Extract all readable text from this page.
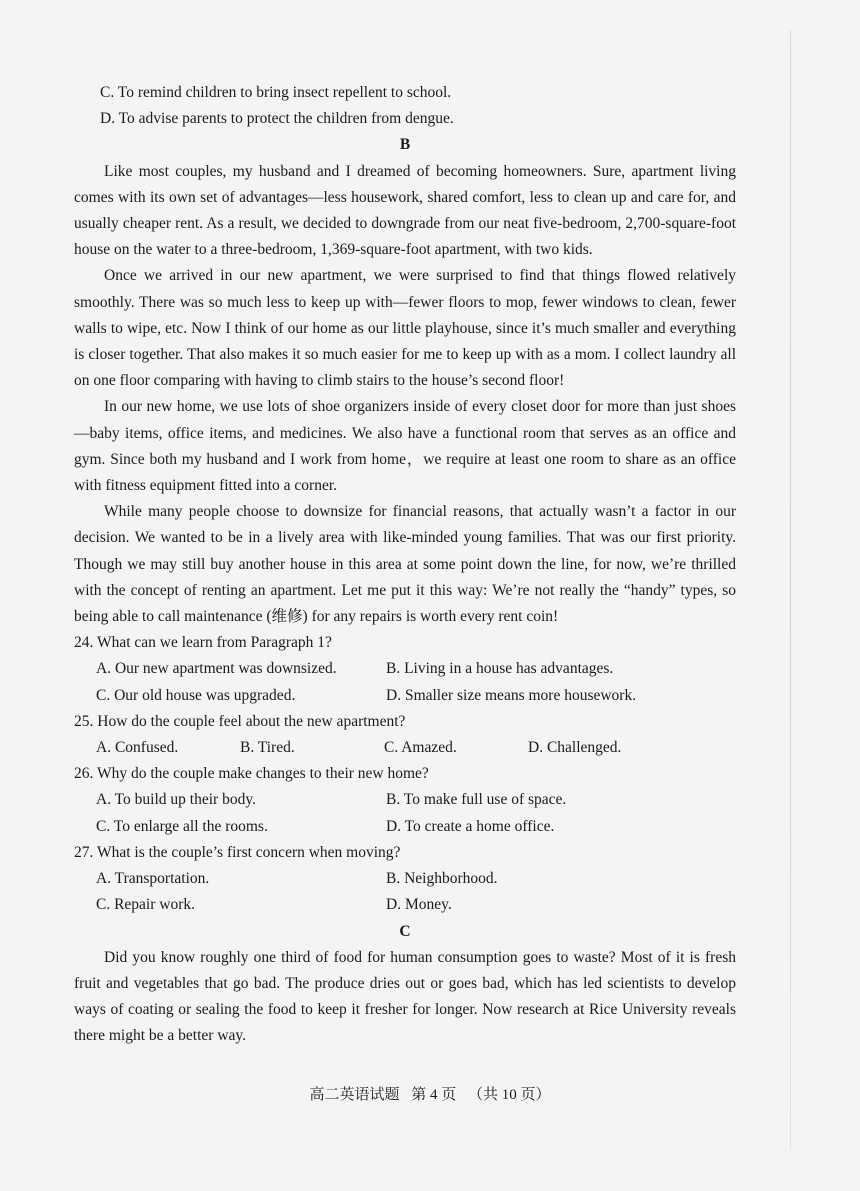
C. To remind children to bring insect repellent to school.

D. To advise parents to protect the children from dengue.

B

Like most couples, my husband and I dreamed of becoming homeowners. Sure, apartment living comes with its own set of advantages—less housework, shared comfort, less to clean up and care for, and usually cheaper rent. As a result, we decided to downgrade from our neat five-bedroom, 2,700-square-foot house on the water to a three-bedroom, 1,369-square-foot apartment, with two kids.

Once we arrived in our new apartment, we were surprised to find that things flowed relatively smoothly. There was so much less to keep up with—fewer floors to mop, fewer windows to clean, fewer walls to wipe, etc. Now I think of our home as our little playhouse, since it’s much smaller and everything is closer together. That also makes it so much easier for me to keep up with as a mom. I collect laundry all on one floor comparing with having to climb stairs to the house’s second floor!

In our new home, we use lots of shoe organizers inside of every closet door for more than just shoes—baby items, office items, and medicines. We also have a functional room that serves as an office and gym. Since both my husband and I work from home，we require at least one room to share as an office with fitness equipment fitted into a corner.

While many people choose to downsize for financial reasons, that actually wasn’t a factor in our decision. We wanted to be in a lively area with like-minded young families. That was our first priority. Though we may still buy another house in this area at some point down the line, for now, we’re thrilled with the concept of renting an apartment. Let me put it this way: We’re not really the “handy” types, so being able to call maintenance (维修) for any repairs is worth every rent coin!

24. What can we learn from Paragraph 1?

A. Our new apartment was downsized.	B. Living in a house has advantages.
C. Our old house was upgraded.	D. Smaller size means more housework.

25. How do the couple feel about the new apartment?

A. Confused.	B. Tired.	C. Amazed.	D. Challenged.

26. Why do the couple make changes to their new home?

A. To build up their body.	B. To make full use of space.
C. To enlarge all the rooms.	D. To create a home office.

27. What is the couple’s first concern when moving?

A. Transportation.	B. Neighborhood.
C. Repair work.	D. Money.

C

Did you know roughly one third of food for human consumption goes to waste? Most of it is fresh fruit and vegetables that go bad. The produce dries out or goes bad, which has led scientists to develop ways of coating or sealing the food to keep it fresher for longer. Now research at Rice University reveals there might be a better way.

高二英语试题 第 4 页 （共 10 页）
